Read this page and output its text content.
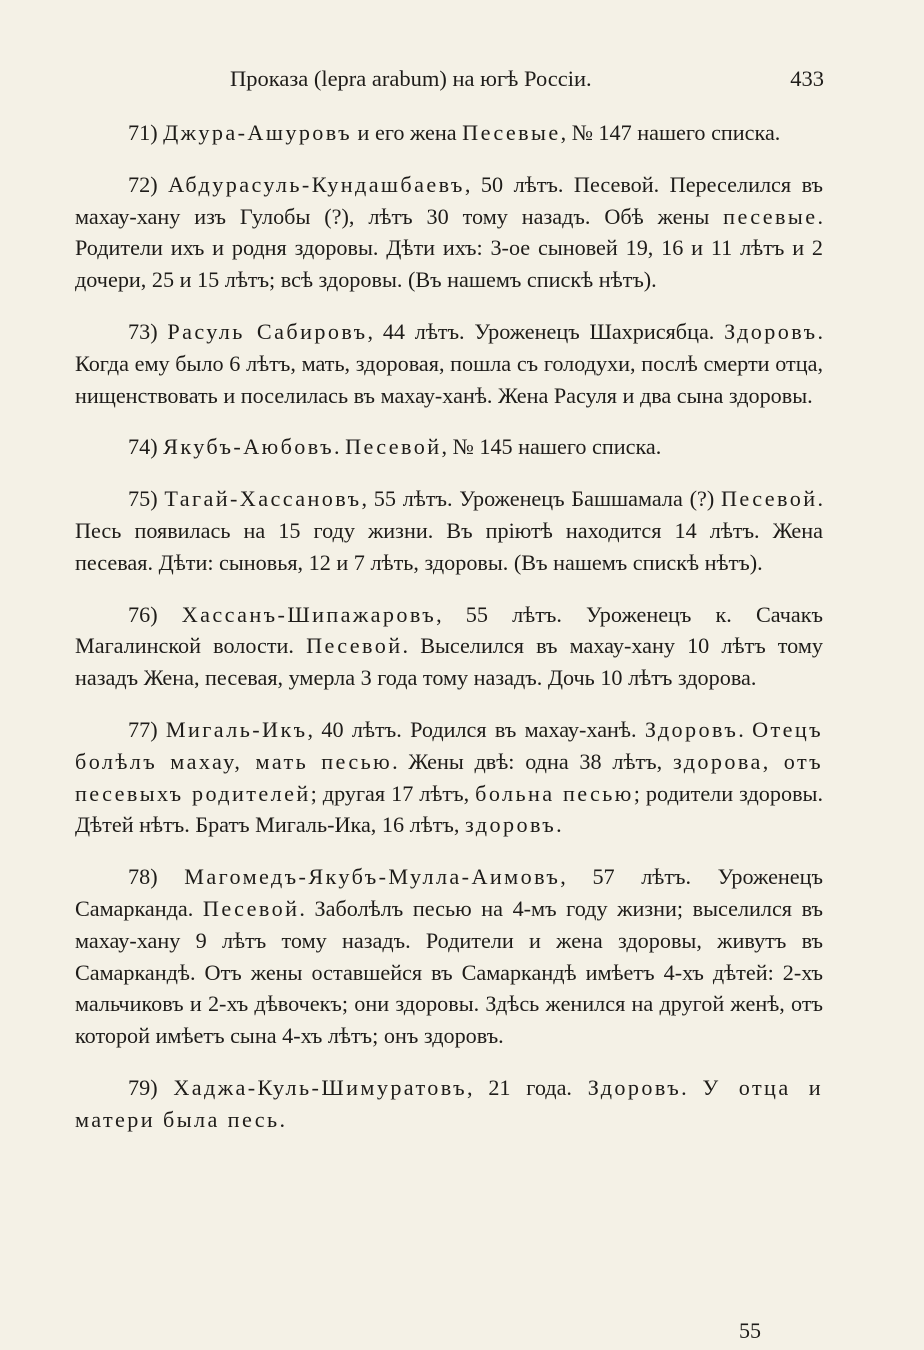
Проказа (lepra arabum) на югѣ Россіи.	433

71) Джура-Ашуровъ и его жена Песевые, № 147 нашего списка.

72) Абдурасуль-Кундашбаевъ, 50 лѣтъ. Песевой. Переселился въ махау-хану изъ Гулобы (?), лѣтъ 30 тому назадъ. Обѣ жены песевые. Родители ихъ и родня здоровы. Дѣти ихъ: 3-ое сыновей 19, 16 и 11 лѣтъ и 2 дочери, 25 и 15 лѣтъ; всѣ здоровы. (Въ нашемъ спискѣ нѣтъ).

73) Расуль Сабировъ, 44 лѣтъ. Уроженецъ Шахрисябца. Здоровъ. Когда ему было 6 лѣтъ, мать, здоровая, пошла съ голодухи, послѣ смерти отца, нищенствовать и поселилась въ махау-ханѣ. Жена Расуля и два сына здоровы.

74) Якубъ-Аюбовъ. Песевой, № 145 нашего списка.

75) Тагай-Хассановъ, 55 лѣтъ. Уроженецъ Башшамала (?) Песевой. Песь появилась на 15 году жизни. Въ пріютѣ находится 14 лѣтъ. Жена песевая. Дѣти: сыновья, 12 и 7 лѣть, здоровы. (Въ нашемъ спискѣ нѣтъ).

76) Хассанъ-Шипажаровъ, 55 лѣтъ. Уроженецъ к. Сачакъ Магалинской волости. Песевой. Выселился въ махау-хану 10 лѣтъ тому назадъ Жена, песевая, умерла 3 года тому назадъ. Дочь 10 лѣтъ здорова.

77) Мигаль-Икъ, 40 лѣтъ. Родился въ махау-ханѣ. Здоровъ. Отецъ болѣлъ махау, мать песью. Жены двѣ: одна 38 лѣтъ, здорова, отъ песевыхъ родителей; другая 17 лѣтъ, больна песью; родители здоровы. Дѣтей нѣтъ. Братъ Мигаль-Ика, 16 лѣтъ, здоровъ.

78) Магомедъ-Якубъ-Мулла-Аимовъ, 57 лѣтъ. Уроженецъ Самарканда. Песевой. Заболѣлъ песью на 4-мъ году жизни; выселился въ махау-хану 9 лѣтъ тому назадъ. Родители и жена здоровы, живутъ въ Самаркандѣ. Отъ жены оставшейся въ Самаркандѣ имѣетъ 4-хъ дѣтей: 2-хъ мальчиковъ и 2-хъ дѣвочекъ; они здоровы. Здѣсь женился на другой женѣ, отъ которой имѣетъ сына 4-хъ лѣтъ; онъ здоровъ.

79) Хаджа-Куль-Шимуратовъ, 21 года. Здоровъ. У отца и матери была песь.

55
